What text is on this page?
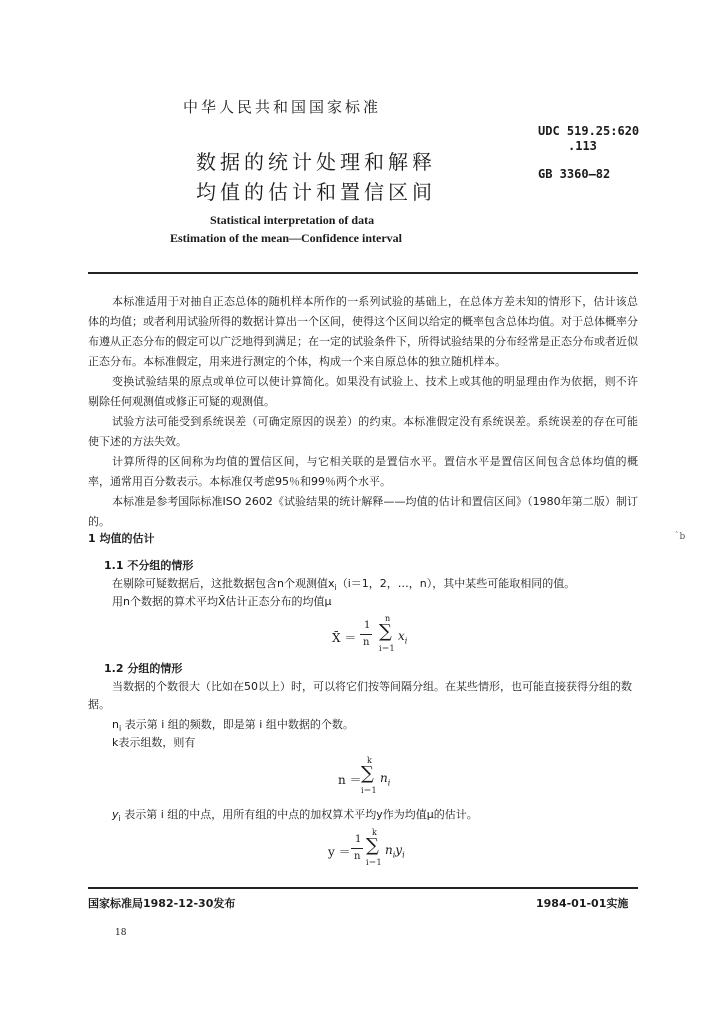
中华人民共和国国家标准
UDC 519.25:620
.113
GB 3360—82
数据的统计处理和解释
均值的估计和置信区间
Statistical interpretation of data
Estimation of the mean—Confidence interval
本标准适用于对抽自正态总体的随机样本所作的一系列试验的基础上，在总体方差未知的情形下，估计该总体的均值；或者利用试验所得的数据计算出一个区间，使得这个区间以给定的概率包含总体均值。对于总体概率分布遵从正态分布的假定可以广泛地得到满足；在一定的试验条件下，所得试验结果的分布经常是正态分布或者近似正态分布。本标准假定，用来进行测定的个体，构成一个来自原总体的独立随机样本。
变换试验结果的原点或单位可以使计算简化。如果没有试验上、技术上或其他的明显理由作为依据，则不许剔除任何观测值或修正可疑的观测值。
试验方法可能受到系统误差（可确定原因的误差）的约束。本标准假定没有系统误差。系统误差的存在可能使下述的方法失效。
计算所得的区间称为均值的置信区间，与它相关联的是置信水平。置信水平是置信区间包含总体均值的概率，通常用百分数表示。本标准仅考虑95％和99％两个水平。
本标准是参考国际标准ISO 2602《试验结果的统计解释——均值的估计和置信区间》（1980年第二版）制订的。
`b
1 均值的估计
1.1 不分组的情形
在剔除可疑数据后，这批数据包含n个观测值$x_i(i=1$，2，…，n），其中某些可能取相同的值。
用n个数据的算术平均X̄估计正态分布的均值μ
X̄ ＝
1
n
n
∑
i＝1
$x_i$
1.2 分组的情形
当数据的个数很大（比如在50以上）时，可以将它们按等间隔分组。在某些情形，也可能直接获得分组的数据。
$n_i$ 表示第 i 组的频数，即是第 i 组中数据的个数。
k表示组数，则有
n ＝
k
∑
i＝1
$n_i$
$y_i$ 表示第 i 组的中点，用所有组的中点的加权算术平均y作为均值μ的估计。
y ＝
1
n
k
∑
i＝1
$n_iy_i$
国家标准局1982-12-30发布	1984-01-01实施
18
